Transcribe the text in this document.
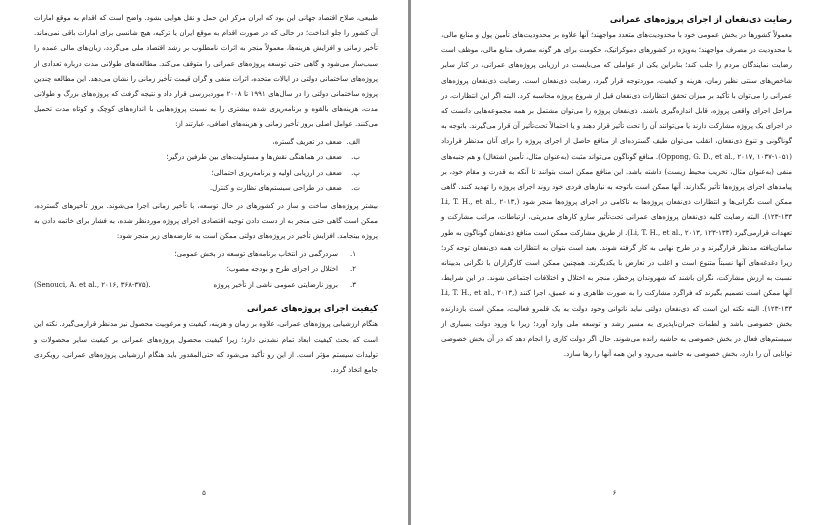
طبیعی، صلاح اقتصاد جهانی این بود که ایران مرکز این حمل و نقل هوایی بشود. واضح است که اقدام به موقع امارات آن کشور را جلو انداخت؛ در حالی که در صورت اقدام به موقع ایران یا ترکیه، هیچ شانسی برای امارات باقی نمی‌ماند. تأخیر زمانی و افزایش هزینه‌ها، معمولاً منجر به اثرات نامطلوب بر رشد اقتصاد ملی می‌گردد، زیان‌های مالی عمده را سبب‌ساز می‌شود و گاهی حتی توسعه پروژه‌های عمرانی را متوقف می‌کند. مطالعه‌های طولانی مدت درباره تعدادی از پروژه‌های ساختمانی دولتی در ایالات متحده، اثرات منفی و گران قیمت تأخیر زمانی را نشان می‌دهد. این مطالعه چندین پروژه ساختمانی دولتی را در سال‌های ۱۹۹۱ تا ۲۰۰۸ موردبررسی قرار داد و نتیجه گرفت که پروژه‌های بزرگ و طولانی مدت، هزینه‌های بالقوه و برنامه‌ریزی شده بیشتری را به نسبت پروژه‌هایی با اندازه‌های کوچک و کوتاه مدت تحمیل می‌کنند. عوامل اصلی بروز تأخیر زمانی و هزینه‌های اضافی، عبارتند از:

الف.
ضعف در تعریف گستره،
ب.
ضعف در هماهنگی نقش‌ها و مسئولیت‌های بین طرفین درگیر؛
پ.
ضعف در ارزیابی اولیه و برنامه‌ریزی احتمالی؛
ت.
ضعف در طراحی سیستم‌های نظارت و کنترل.

بیشتر پروژه‌های ساخت و ساز در کشورهای در حال توسعه، با تأخیر زمانی اجرا می‌شوند. بروز تأخیرهای گسترده، ممکن است گاهی حتی منجر به از دست دادن توجیه اقتصادی اجرای پروژه موردنظر شده، به فشار برای خاتمه دادن به پروژه بینجامد. افزایش تأخیر در پروژه‌های دولتی ممکن است به عارضه‌های زیر منجر شود:

۱.
سردرگمی در انتخاب برنامه‌های توسعه در بخش عمومی؛
۲.
اختلال در اجرای طرح و بودجه مصوب؛
۳.
بروز نارضایتی عمومی ناشی از تأخیر پروژه
(Senouci, A. et al., ۲۰۱۶, ۳۶۸-۳۷۵).
کیفیت اجرای پروژه‌های عمرانی

هنگام ارزشیابی پروژه‌های عمرانی، علاوه بر زمان و هزینه، کیفیت و مرغوبیت محصول نیز مدنظر قرارمی‌گیرد. نکته این است که بحث کیفیت ابعاد تمام نشدنی دارد؛ زیرا کیفیت محصول پروژه‌های عمرانی بر کیفیت سایر محصولات و تولیدات سیستم مؤثر است. از این رو تأکید می‌شود که حتی‌المقدور باید هنگام ارزشیابی پروژه‌های عمرانی، رویکردی جامع اتخاذ گردد.

۵
رضایت ذی‌نفعان از اجرای پروژه‌های عمرانی

معمولاً کشورها در بخش عمومی خود با محدودیت‌های متعدد مواجهند؛ آنها علاوه بر محدودیت‌های تأمین پول و منابع مالی، با محدودیت در مصرف مواجهند؛ به‌ویژه در کشورهای دموکراتیک، حکومت برای هر گونه مصرف منابع مالی، موظف است رضایت نمایندگان مردم را جلب کند؛ بنابراین یکی از عواملی که می‌بایست در ارزیابی پروژه‌های عمرانی، در کنار سایر شاخص‌های سنتی نظیر زمان، هزینه و کیفیت، موردتوجه قرار گیرد، رضایت ذی‌نفعان است. رضایت ذی‌نفعان پروژه‌های عمرانی را می‌توان با تأکید بر میزان تحقق انتظارات ذی‌نفعان قبل از شروع پروژه محاسبه کرد. البته اگر این انتظارات، در مراحل اجرای واقعی پروژه، قابل اندازه‌گیری باشند. ذی‌نفعان پروژه را می‌توان مشتمل بر همه مجموعه‌هایی دانست که در اجرای یک پروژه مشارکت دارند یا می‌توانند آن را تحت تأثیر قرار دهند و یا احتمالاً تحت‌تأثیر آن قرار می‌گیرند. باتوجه به گوناگونی و تنوع ذی‌نفعان، انقلب می‌توان طیف گسترده‌ای از منافع حاصل از اجرای پروژه را برای آنان مدنظر قرارداد (Oppong, G. D., et al., ۲۰۱۷, ۱۰۳۷-۱۰۵۱). منافع گوناگون می‌تواند مثبت (به‌عنوان مثال، تأمین اشتغال) و هم جنبه‌های منفی (به‌عنوان مثال، تخریب محیط زیست) داشته باشد. این منافع ممکن است بتوانند تا آنکه به قدرت و مقام خود، بر پیامدهای اجرای پروژه‌ها تأثیر بگذارند. آنها ممکن است باتوجه به نیازهای فردی خود روند اجرای پروژه را تهدید کنند. گاهی ممکن است نگرانی‌ها و انتظارات ذی‌نفعان پروژه‌ها به ناکامی در اجرای پروژه‌ها منجر شود (Li, T. H., et al., ۲۰۱۳, ۱۲۳-۱۳۳). البته رضایت کلیه ذی‌نفعان پروژه‌های عمرانی تحت‌تأثیر سازو کارهای مدیریتی، ارتباطات، مراتب مشارکت و تعهدات قرارمی‌گیرد (Li, T. H., et al., ۲۰۱۳, ۱۲۳-۱۳۳). از طریق مشارکت ممکن است منافع ذی‌نفعان گوناگون به طور سامان‌یافته مدنظر قرارگیرند و در طرح نهایی به کار گرفته شوند. بعید است بتوان به انتظارات همه ذی‌نفعان توجه کرد؛ زیرا دغدغه‌های آنها نسبتاً متنوع است و اغلب در تعارض با یکدیگرند. همچنین ممکن است کارگزاران با نگرانی بدبینانه نسبت به ارزش مشارکت، نگران باشند که شهروندان پرخطر، منجر به اختلال و اختلافات اجتماعی شوند. در این شرایط، آنها ممکن است تصمیم بگیرند که فراگرد مشارکت را به صورت ظاهری و نه عمیق، اجرا کنند (Li, T. H., et al., ۲۰۱۳, ۱۲۳-۱۳۳). البته نکته این است که ذی‌نفعان دولتی نباید ناتوانی وحود دولت به یک قلمرو فعالیت، ممکن است بازدارنده بخش خصوصی باشد و لطمات جبران‌ناپذیری به مسیر رشد و توسعه ملی وارد آورد؛ زیرا با ورود دولت بسیاری از سیستم‌های فعال در بخش خصوصی به حاشیه رانده می‌شوند. حال اگر دولت کاری را انجام دهد که در آن بخش خصوصی توانایی آن را دارد، بخش خصوصی به حاشیه می‌رود و این همه آنها را رها سازد.

۶
